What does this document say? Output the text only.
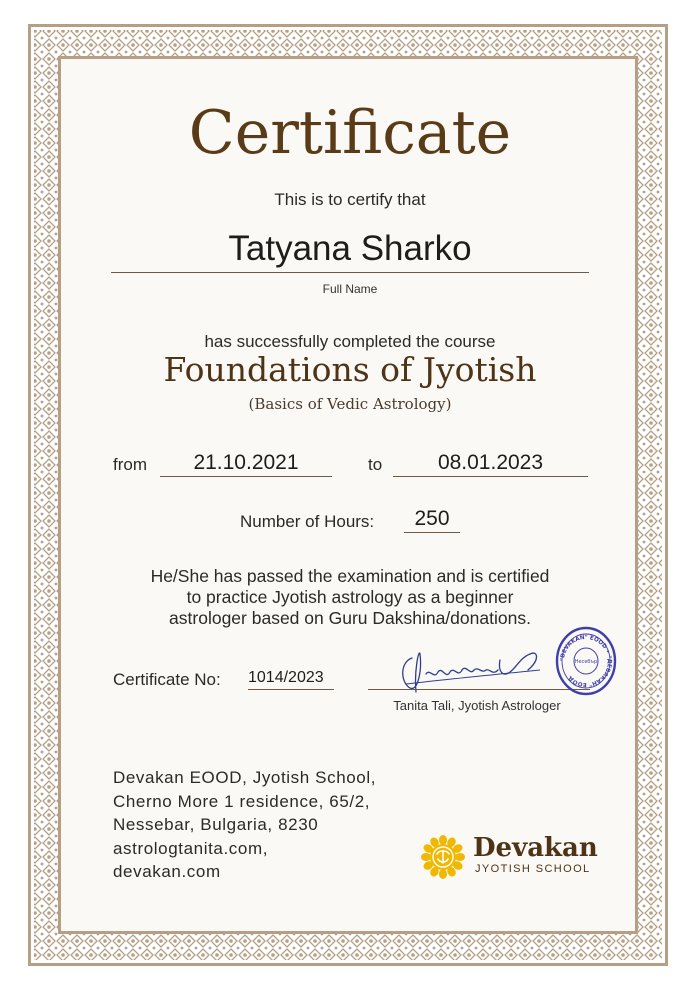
Certificate
This is to certify that
Tatyana Sharko
Full Name
has successfully completed the course
Foundations of Jyotish
(Basics of Vedic Astrology)
from	21.10.2021	to	08.01.2023
Number of Hours:	250
He/She has passed the examination and is certified
to practice Jyotish astrology as a beginner
astrologer based on Guru Dakshina/donations.
Certificate No: 1014/2023
Tanita Tali, Jyotish Astrologer
"DEVAKAN" EOOD • "ДЕВАКАН" ЕООД
Несебър
Devakan EOOD, Jyotish School,
Cherno More 1 residence, 65/2,
Nessebar, Bulgaria, 8230
astrologtanita.com,
devakan.com
Devakan
JYOTISH SCHOOL
